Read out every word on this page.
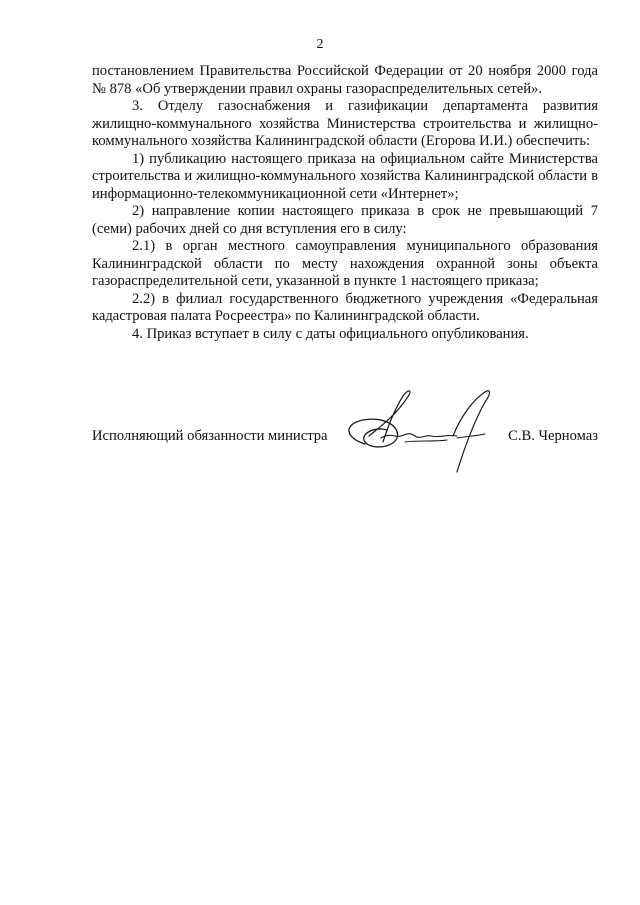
2

постановлением Правительства Российской Федерации от 20 ноября 2000 года № 878 «Об утверждении правил охраны газораспределительных сетей».

3. Отделу газоснабжения и газификации департамента развития жилищно-коммунального хозяйства Министерства строительства и жилищно-коммунального хозяйства Калининградской области (Егорова И.И.) обеспечить:

1) публикацию настоящего приказа на официальном сайте Министерства строительства и жилищно-коммунального хозяйства Калининградской области в информационно-телекоммуникационной сети «Интернет»;

2) направление копии настоящего приказа в срок не превышающий 7 (семи) рабочих дней со дня вступления его в силу:

2.1) в орган местного самоуправления муниципального образования Калининградской области по месту нахождения охранной зоны объекта газораспределительной сети, указанной в пункте 1 настоящего приказа;

2.2) в филиал государственного бюджетного учреждения «Федеральная кадастровая палата Росреестра» по Калининградской области.

4. Приказ вступает в силу с даты официального опубликования.

Исполняющий обязанности министра	С.В. Черномаз
